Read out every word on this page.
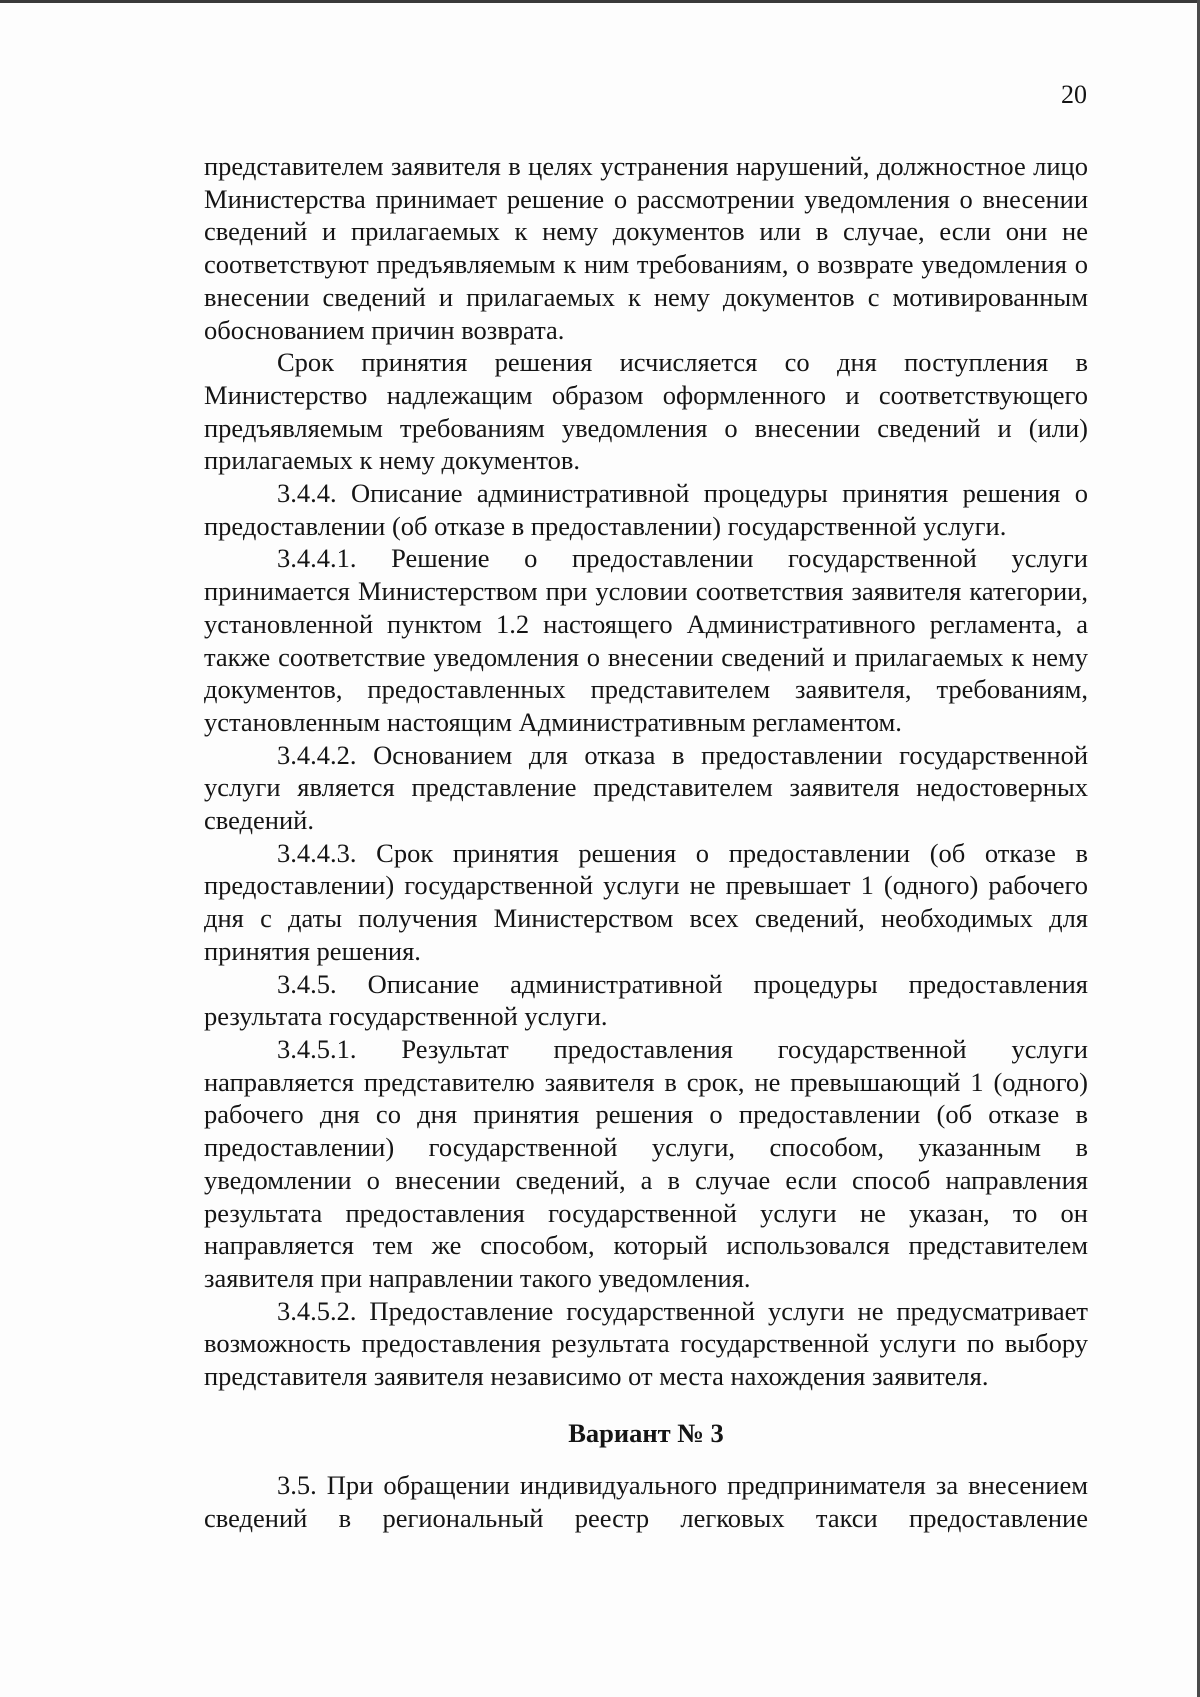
20

представителем заявителя в целях устранения нарушений, должностное лицо Министерства принимает решение о рассмотрении уведомления о внесении сведений и прилагаемых к нему документов или в случае, если они не соответствуют предъявляемым к ним требованиям, о возврате уведомления о внесении сведений и прилагаемых к нему документов с мотивированным обоснованием причин возврата.

Срок принятия решения исчисляется со дня поступления в Министерство надлежащим образом оформленного и соответствующего предъявляемым требованиям уведомления о внесении сведений и (или) прилагаемых к нему документов.

3.4.4. Описание административной процедуры принятия решения о предоставлении (об отказе в предоставлении) государственной услуги.

3.4.4.1. Решение о предоставлении государственной услуги принимается Министерством при условии соответствия заявителя категории, установленной пунктом 1.2 настоящего Административного регламента, а также соответствие уведомления о внесении сведений и прилагаемых к нему документов, предоставленных представителем заявителя, требованиям, установленным настоящим Административным регламентом.

3.4.4.2. Основанием для отказа в предоставлении государственной услуги является представление представителем заявителя недостоверных сведений.

3.4.4.3. Срок принятия решения о предоставлении (об отказе в предоставлении) государственной услуги не превышает 1 (одного) рабочего дня с даты получения Министерством всех сведений, необходимых для принятия решения.

3.4.5. Описание административной процедуры предоставления результата государственной услуги.

3.4.5.1. Результат предоставления государственной услуги направляется представителю заявителя в срок, не превышающий 1 (одного) рабочего дня со дня принятия решения о предоставлении (об отказе в предоставлении) государственной услуги, способом, указанным в уведомлении о внесении сведений, а в случае если способ направления результата предоставления государственной услуги не указан, то он направляется тем же способом, который использовался представителем заявителя при направлении такого уведомления.

3.4.5.2. Предоставление государственной услуги не предусматривает возможность предоставления результата государственной услуги по выбору представителя заявителя независимо от места нахождения заявителя.

Вариант № 3

3.5. При обращении индивидуального предпринимателя за внесением сведений в региональный реестр легковых такси предоставление
